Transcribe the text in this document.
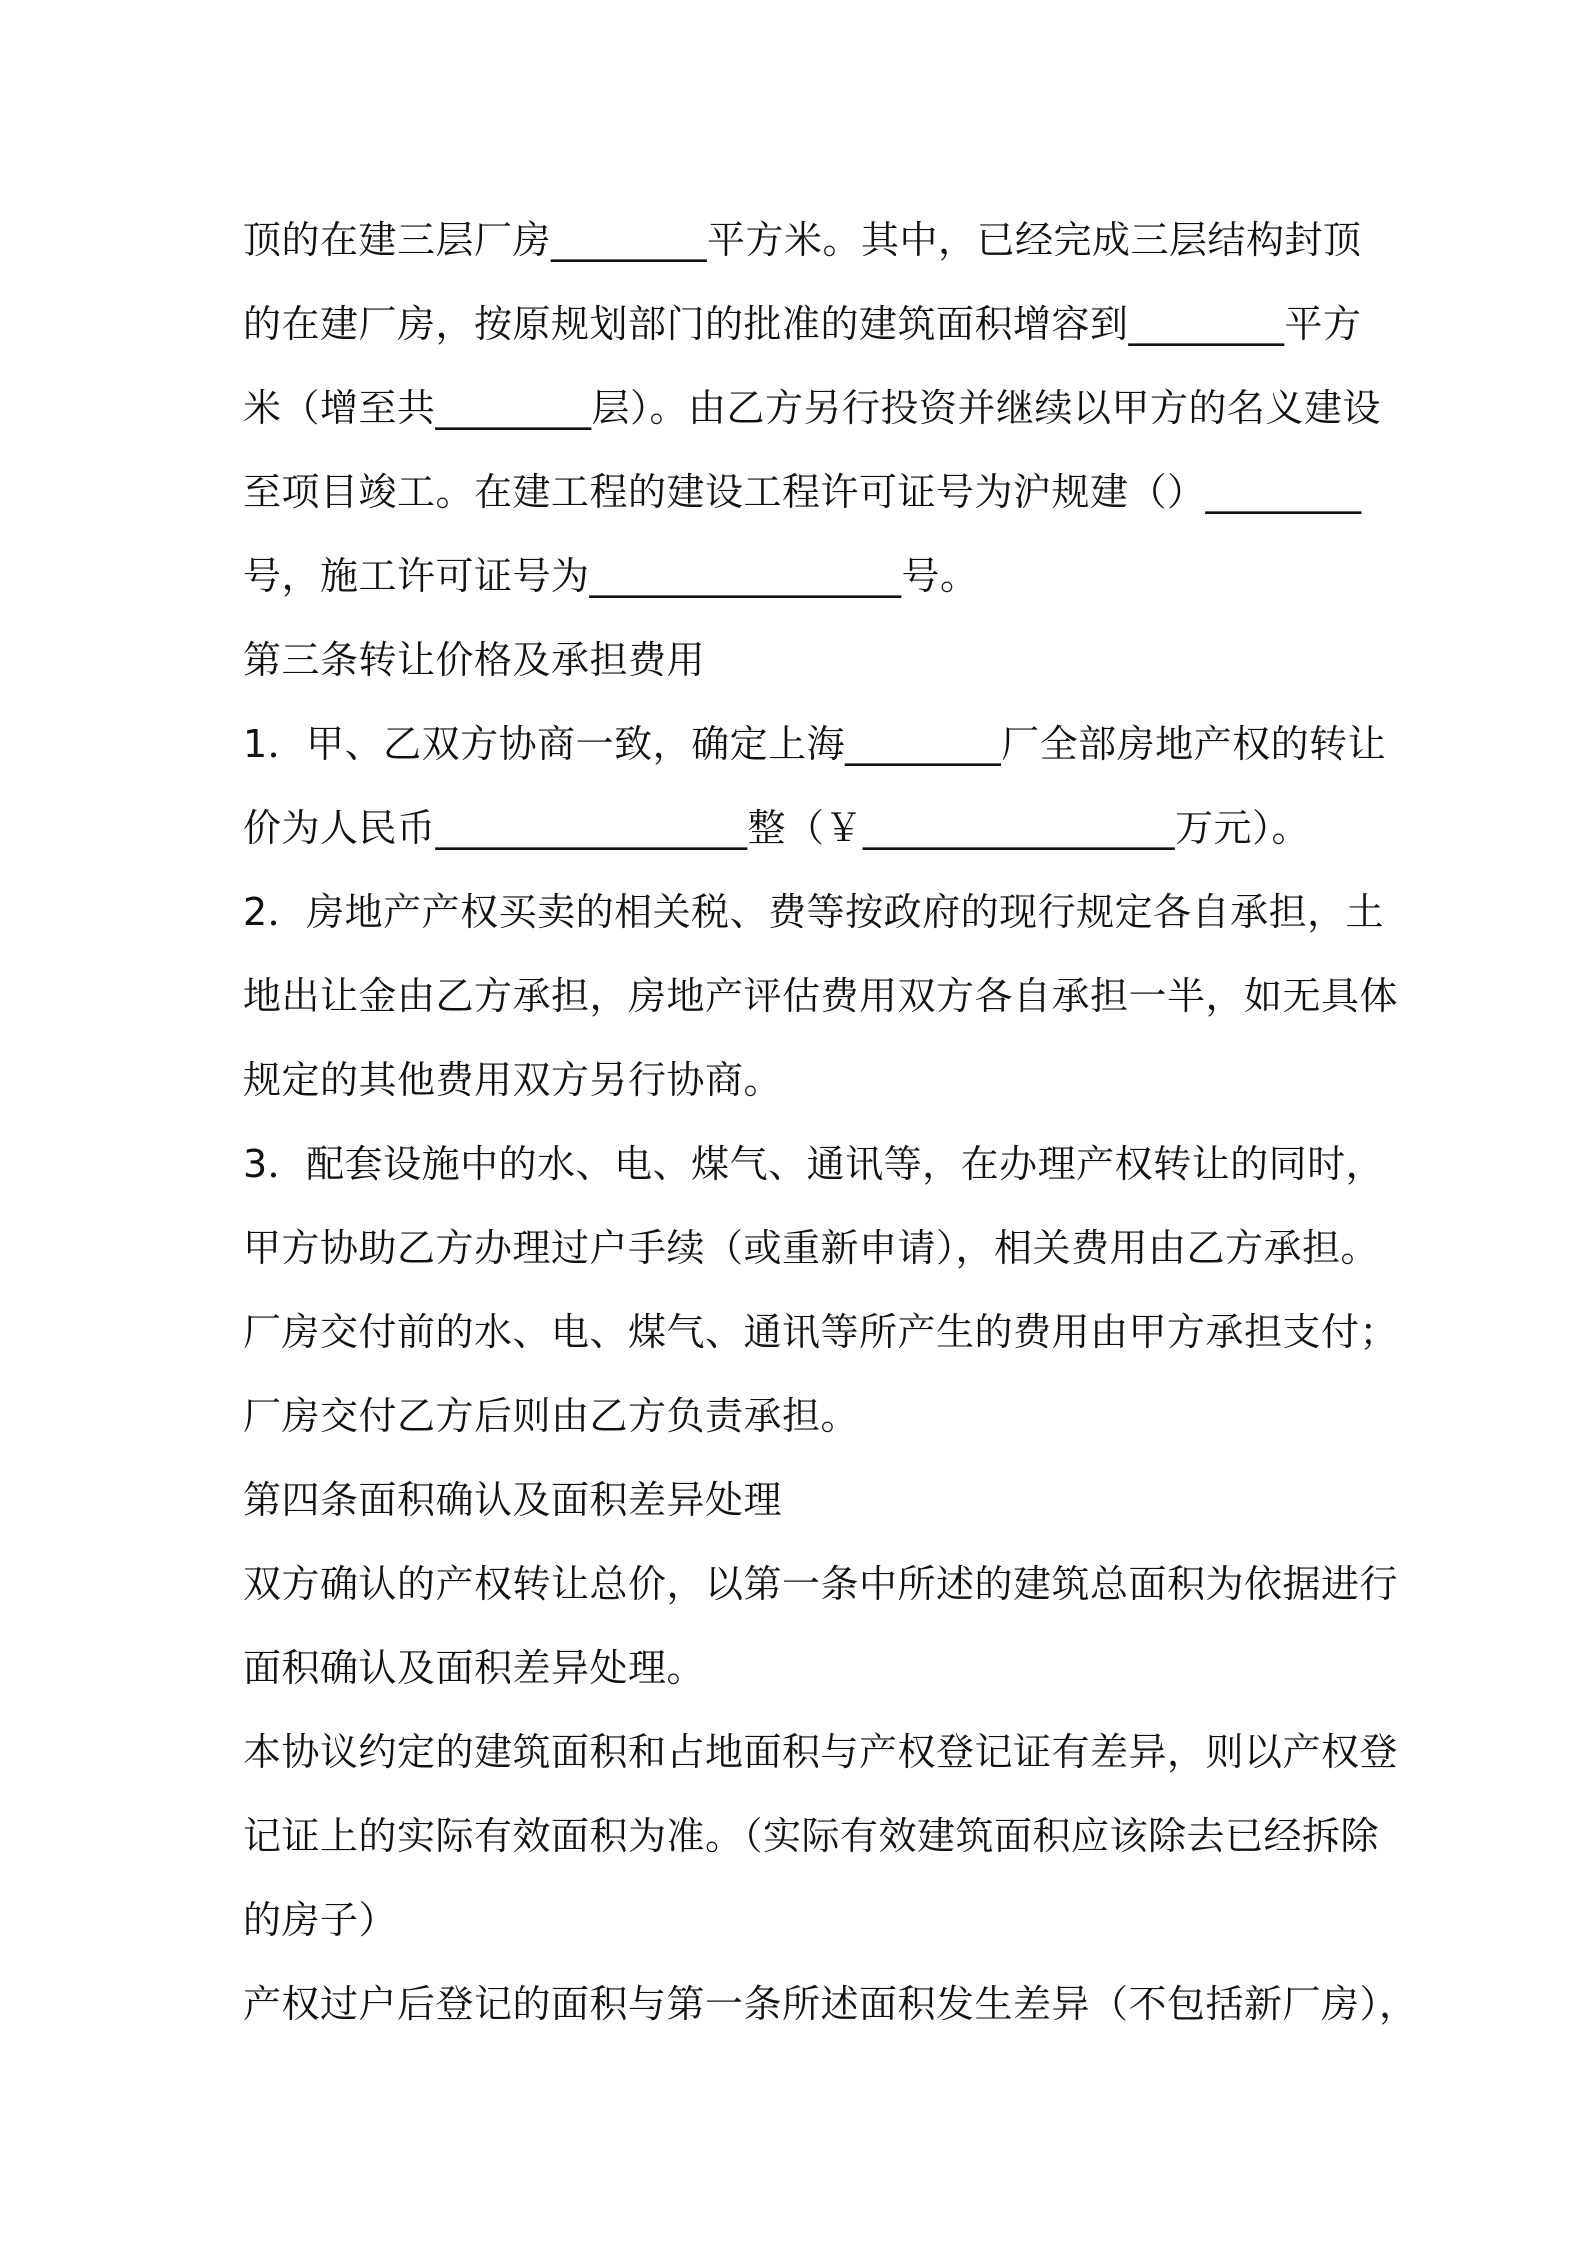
顶的在建三层厂房________平方米。其中，已经完成三层结构封顶
的在建厂房，按原规划部门的批准的建筑面积增容到________平方
米（增至共________层）。由乙方另行投资并继续以甲方的名义建设
至项目竣工。在建工程的建设工程许可证号为沪规建（）________
号，施工许可证号为________________号。
第三条转让价格及承担费用
1．甲、乙双方协商一致，确定上海________厂全部房地产权的转让
价为人民币________________整（￥________________万元）。
2．房地产产权买卖的相关税、费等按政府的现行规定各自承担，土
地出让金由乙方承担，房地产评估费用双方各自承担一半，如无具体
规定的其他费用双方另行协商。
3．配套设施中的水、电、煤气、通讯等，在办理产权转让的同时，
甲方协助乙方办理过户手续（或重新申请），相关费用由乙方承担。
厂房交付前的水、电、煤气、通讯等所产生的费用由甲方承担支付；
厂房交付乙方后则由乙方负责承担。
第四条面积确认及面积差异处理
双方确认的产权转让总价，以第一条中所述的建筑总面积为依据进行
面积确认及面积差异处理。
本协议约定的建筑面积和占地面积与产权登记证有差异，则以产权登
记证上的实际有效面积为准。（实际有效建筑面积应该除去已经拆除
的房子）
产权过户后登记的面积与第一条所述面积发生差异（不包括新厂房），
